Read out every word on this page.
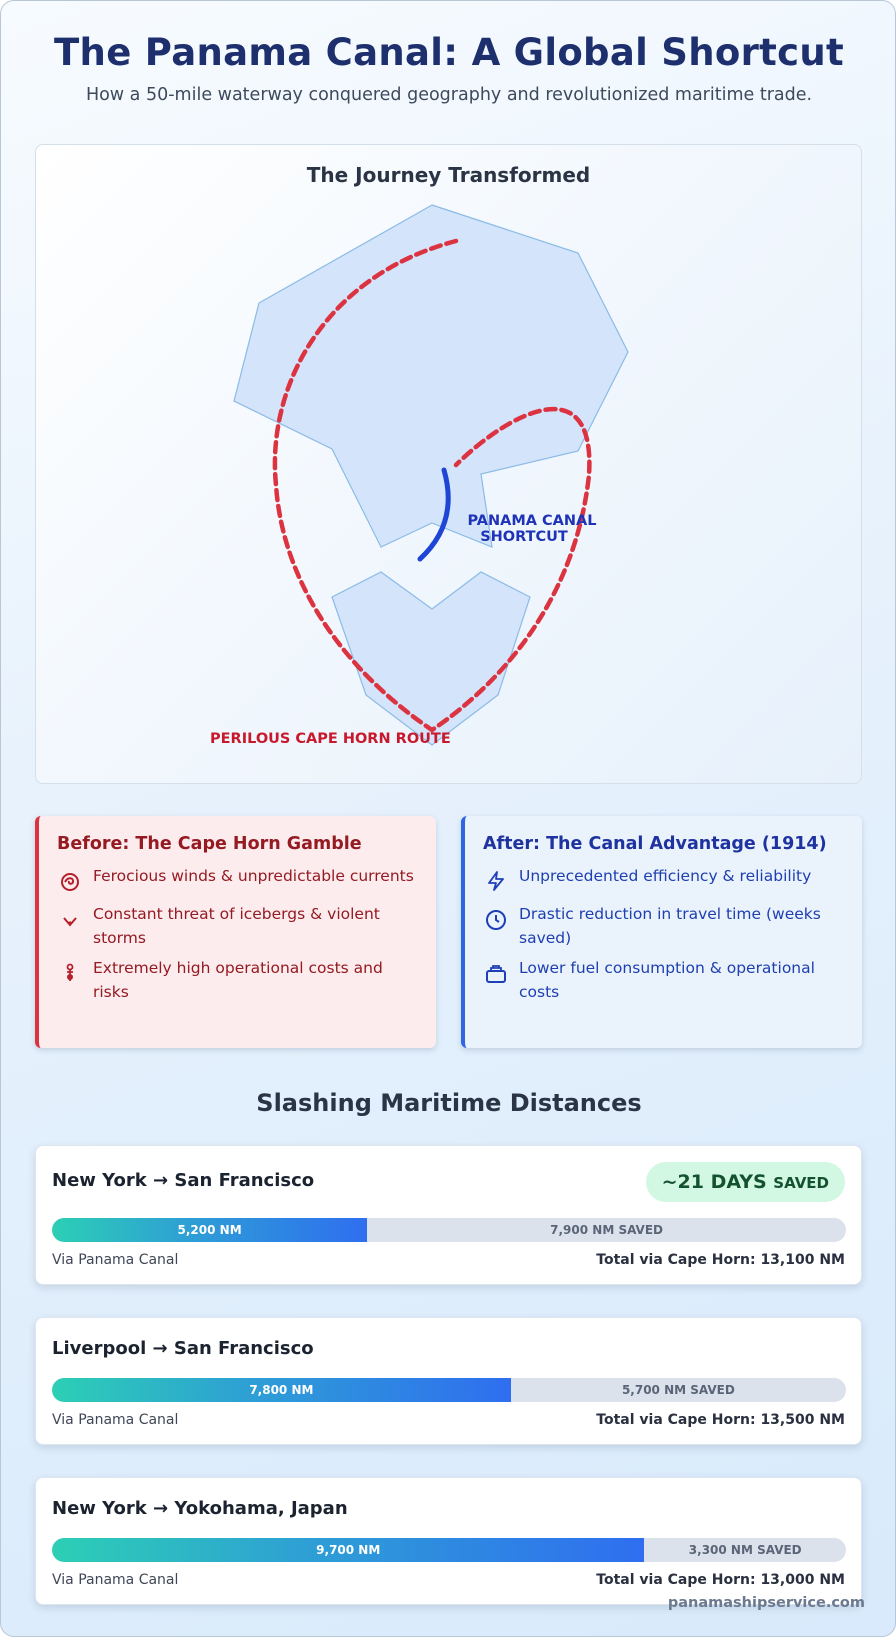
The Panama Canal: A Global Shortcut

How a 50-mile waterway conquered geography and revolutionized maritime trade.

The Journey Transformed
PANAMA CANAL
SHORTCUT
PERILOUS CAPE HORN ROUTE
Before: The Cape Horn Gamble
Ferocious winds & unpredictable currents
Constant threat of icebergs & violent storms
Extremely high operational costs and risks
After: The Canal Advantage (1914)
Unprecedented efficiency & reliability
Drastic reduction in travel time (weeks saved)
Lower fuel consumption & operational costs
Slashing Maritime Distances
New York → San Francisco	~21 DAYS SAVED
5,200 NM	7,900 NM SAVED
Via Panama Canal	Total via Cape Horn: 13,100 NM
Liverpool → San Francisco
7,800 NM	5,700 NM SAVED
Via Panama Canal	Total via Cape Horn: 13,500 NM
New York → Yokohama, Japan
9,700 NM	3,300 NM SAVED
Via Panama Canal	Total via Cape Horn: 13,000 NM
panamashipservice.com
